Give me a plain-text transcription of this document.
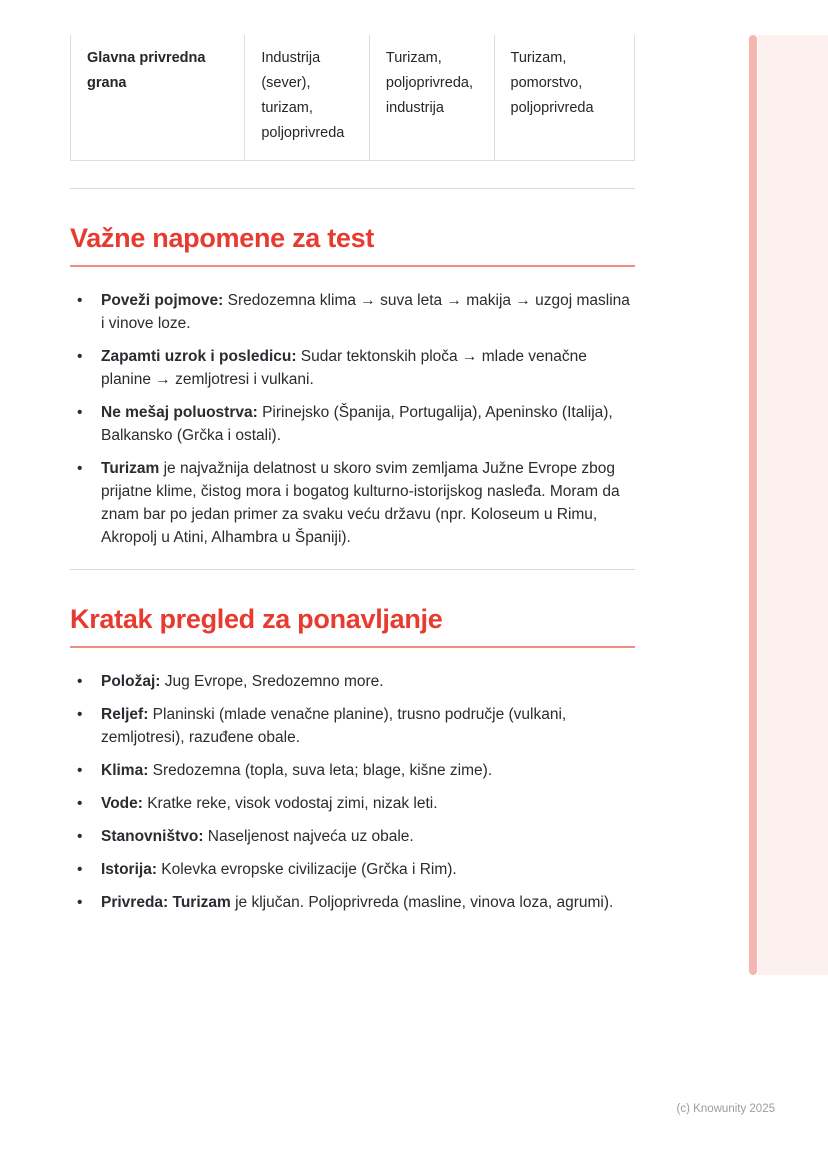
Glavna privredna grana
Industrija (sever), turizam, poljoprivreda
Turizam, poljoprivreda, industrija
Turizam, pomorstvo, poljoprivreda
Važne napomene za test

• Poveži pojmove: Sredozemna klima → suva leta → makija → uzgoj maslina i vinove loze.

• Zapamti uzrok i posledicu: Sudar tektonskih ploča → mlade venačne planine → zemljotresi i vulkani.

• Ne mešaj poluostrva: Pirinejsko (Španija, Portugalija), Apeninsko (Italija), Balkansko (Grčka i ostali).

• Turizam je najvažnija delatnost u skoro svim zemljama Južne Evrope zbog prijatne klime, čistog mora i bogatog kulturno-istorijskog nasleđa. Moram da znam bar po jedan primer za svaku veću državu (npr. Koloseum u Rimu, Akropolj u Atini, Alhambra u Španiji).

Kratak pregled za ponavljanje

• Položaj: Jug Evrope, Sredozemno more.

• Reljef: Planinski (mlade venačne planine), trusno područje (vulkani, zemljotresi), razuđene obale.

• Klima: Sredozemna (topla, suva leta; blage, kišne zime).

• Vode: Kratke reke, visok vodostaj zimi, nizak leti.

• Stanovništvo: Naseljenost najveća uz obale.

• Istorija: Kolevka evropske civilizacije (Grčka i Rim).

• Privreda: Turizam je ključan. Poljoprivreda (masline, vinova loza, agrumi).

(c) Knowunity 2025
